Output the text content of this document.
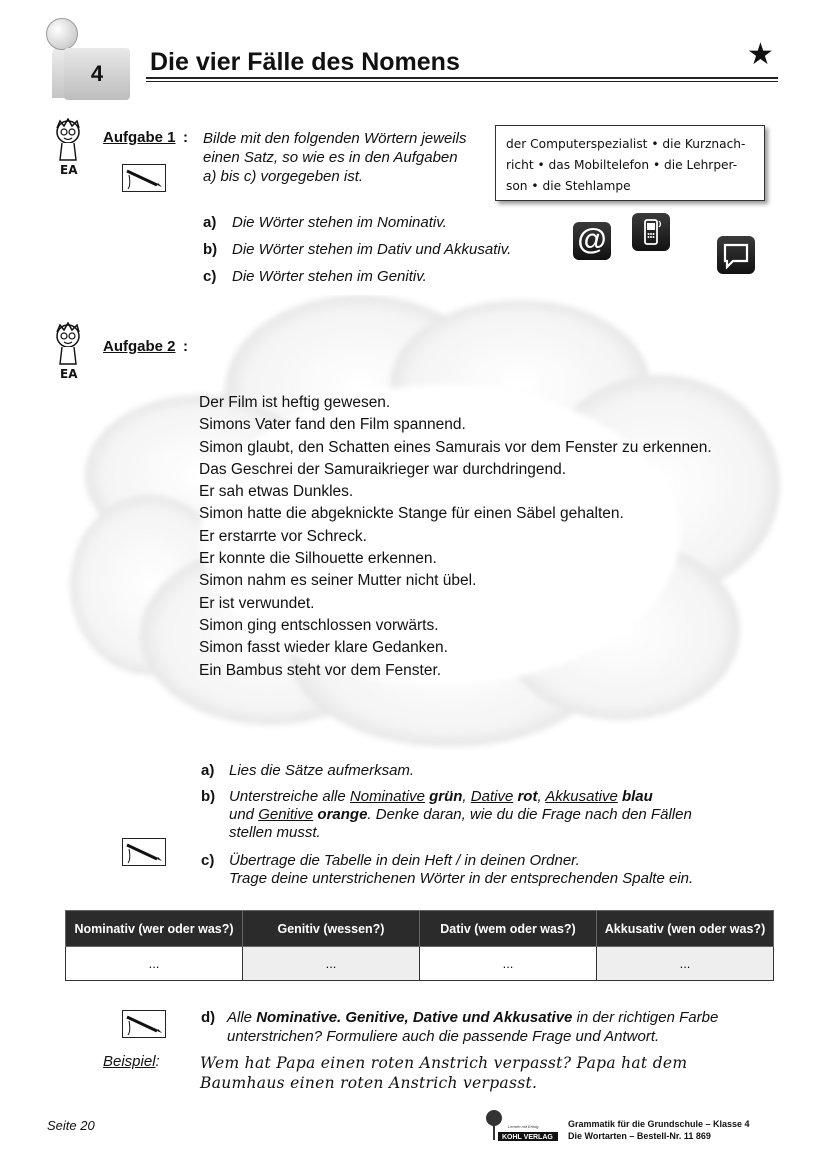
4	Die vier Fälle des Nomens	★
EA
Aufgabe 1 : Bilde mit den folgenden Wörtern jeweils
einen Satz, so wie es in den Aufgaben
a) bis c) vorgegeben ist.
der Computerspezialist • die Kurznach-
richt • das Mobiltelefon • die Lehrper-
son • die Stehlampe
a) Die Wörter stehen im Nominativ.
b) Die Wörter stehen im Dativ und Akkusativ.
c) Die Wörter stehen im Genitiv.
@
EA
Aufgabe 2 :
Der Film ist heftig gewesen.
Simons Vater fand den Film spannend.
Simon glaubt, den Schatten eines Samurais vor dem Fenster zu erkennen.
Das Geschrei der Samuraikrieger war durchdringend.
Er sah etwas Dunkles.
Simon hatte die abgeknickte Stange für einen Säbel gehalten.
Er erstarrte vor Schreck.
Er konnte die Silhouette erkennen.
Simon nahm es seiner Mutter nicht übel.
Er ist verwundet.
Simon ging entschlossen vorwärts.
Simon fasst wieder klare Gedanken.
Ein Bambus steht vor dem Fenster.
a) Lies die Sätze aufmerksam.
b) Unterstreiche alle Nominative grün, Dative rot, Akkusative blau
und Genitive orange. Denke daran, wie du die Frage nach den Fällen
stellen musst.
c) Übertrage die Tabelle in dein Heft / in deinen Ordner.
Trage deine unterstrichenen Wörter in der entsprechenden Spalte ein.
Nominativ (wer oder was?)	Genitiv (wessen?)	Dativ (wem oder was?)	Akkusativ (wen oder was?)
...	...	...	...
d) Alle Nominative. Genitive, Dative und Akkusative in der richtigen Farbe
unterstrichen? Formuliere auch die passende Frage und Antwort.
Beispiel:	Wem hat Papa einen roten Anstrich verpasst? Papa hat dem
Baumhaus einen roten Anstrich verpasst.
Seite 20
KOHL VERLAG
Lernen mit Erfolg	Grammatik für die Grundschule – Klasse 4
Die Wortarten – Bestell-Nr. 11 869
